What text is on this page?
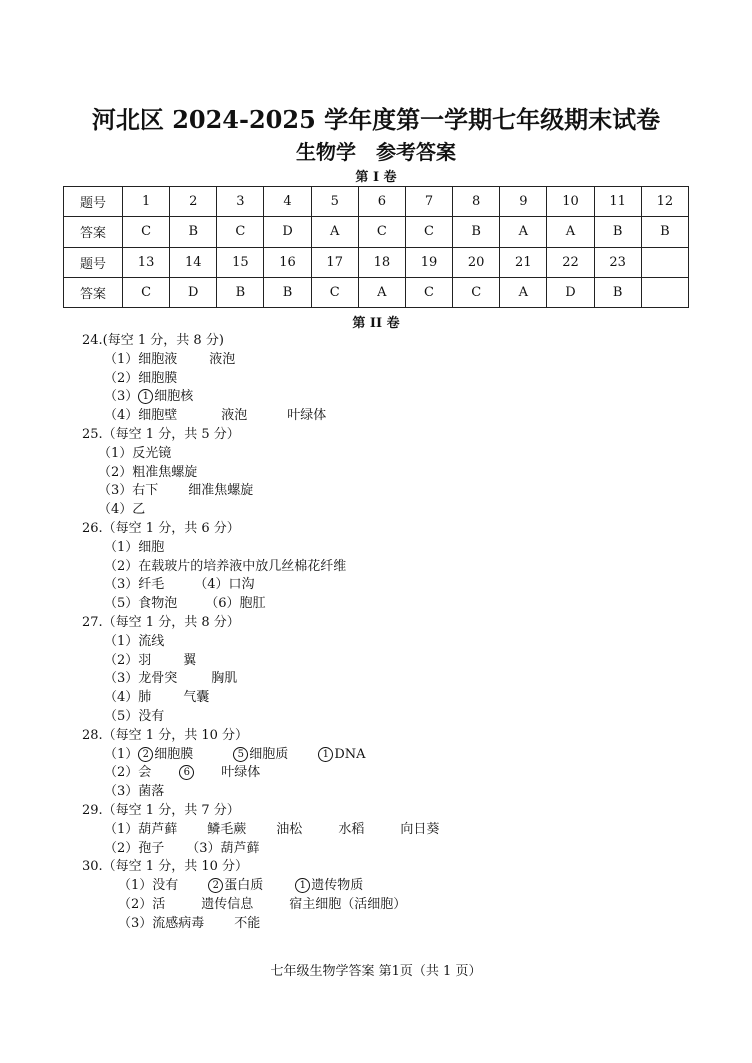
河北区 2024-2025 学年度第一学期七年级期末试卷
生物学　参考答案
第 I 卷
题号	1	2	3	4	5	6	7	8	9	10	11	12
答案	C	B	C	D	A	C	C	B	A	A	B	B
题号	13	14	15	16	17	18	19	20	21	22	23	
答案	C	D	B	B	C	A	C	C	A	D	B	
第 II 卷
24.(每空 1 分，共 8 分)
（1）细胞液 液泡
（2）细胞膜
（3） 1 细胞核
（4）细胞壁	液泡	叶绿体
25.（每空 1 分，共 5 分）
（1）反光镜
（2）粗准焦螺旋
（3）右下 细准焦螺旋
（4）乙
26.（每空 1 分，共 6 分）
（1）细胞
（2）在载玻片的培养液中放几丝棉花纤维
（3）纤毛 （4）口沟
（5）食物泡 （6）胞肛
27.（每空 1 分，共 8 分）
（1）流线
（2）羽 翼
（3）龙骨突	胸肌
（4）肺 气囊
（5）没有
28.（每空 1 分，共 10 分）
（1） 2 细胞膜	5 细胞质	1 DNA
（2）会	6 叶绿体
（3）菌落
29.（每空 1 分，共 7 分）
（1）葫芦藓 鳞毛蕨 油松	水稻	向日葵
（2）孢子 （3）葫芦藓
30.（每空 1 分，共 10 分）
（1）没有	2 蛋白质	1 遗传物质
（2）活	遗传信息	宿主细胞（活细胞）
（3）流感病毒 不能
七年级生物学答案 第1页（共 1 页）
